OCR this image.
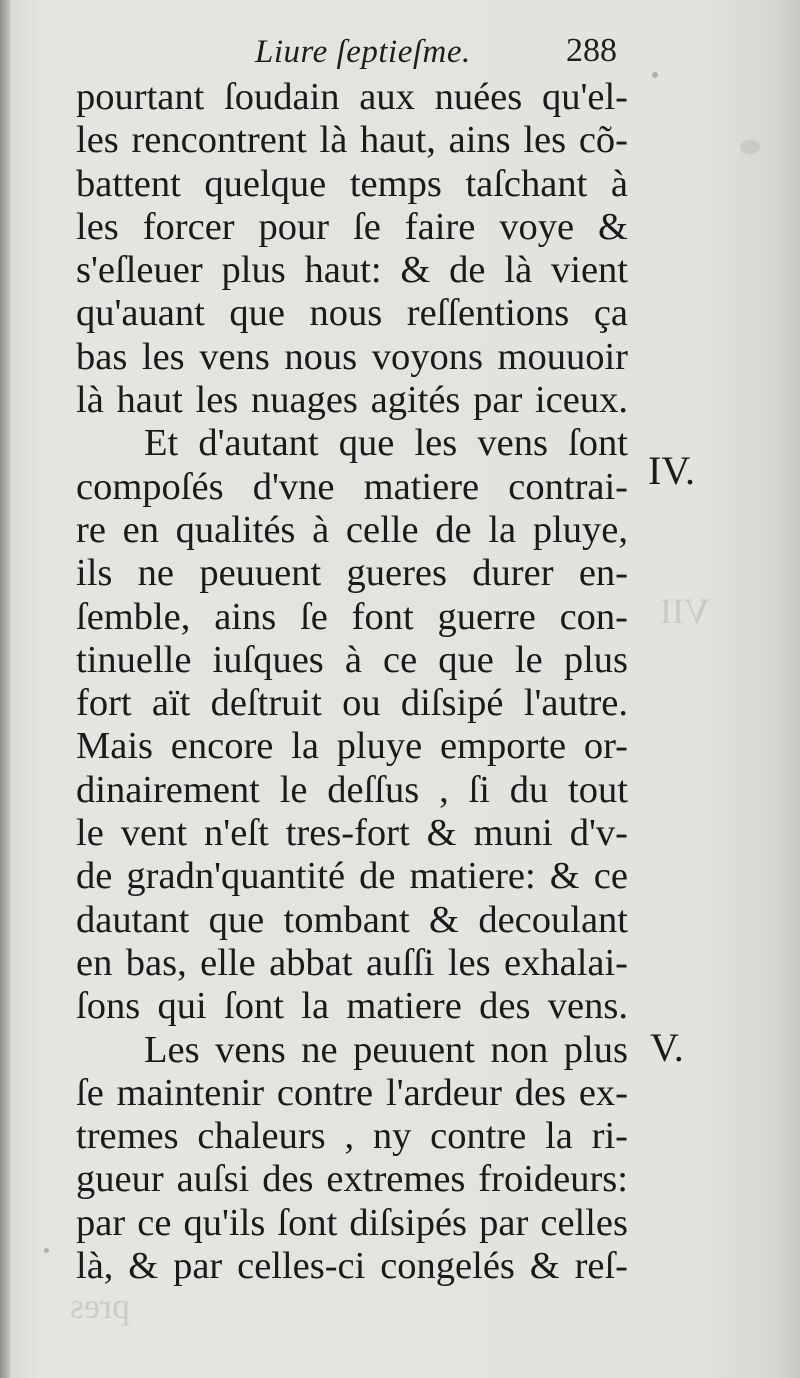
VII
pres
Liure ſeptieſme.	288
pourtant ſoudain aux nuées qu'el-
les rencontrent là haut, ains les cõ-
battent quelque temps taſchant à
les forcer pour ſe faire voye &
s'eſleuer plus haut: & de là vient
qu'auant que nous reſſentions ça
bas les vens nous voyons mouuoir
là haut les nuages agités par iceux.
Et d'autant que les vens ſont
compoſés d'vne matiere contrai-
re en qualités à celle de la pluye,
ils ne peuuent gueres durer en-
ſemble, ains ſe font guerre con-
tinuelle iuſques à ce que le plus
fort aït deſtruit ou diſsipé l'autre.
Mais encore la pluye emporte or-
dinairement le deſſus , ſi du tout
le vent n'eſt tres-fort & muni d'v-
de gradn'quantité de matiere: & ce
dautant que tombant & decoulant
en bas, elle abbat auſſi les exhalai-
ſons qui ſont la matiere des vens.
Les vens ne peuuent non plus
ſe maintenir contre l'ardeur des ex-
tremes chaleurs , ny contre la ri-
gueur auſsi des extremes froideurs:
par ce qu'ils ſont diſsipés par celles
là, & par celles-ci congelés & reſ-
IV.
V.
